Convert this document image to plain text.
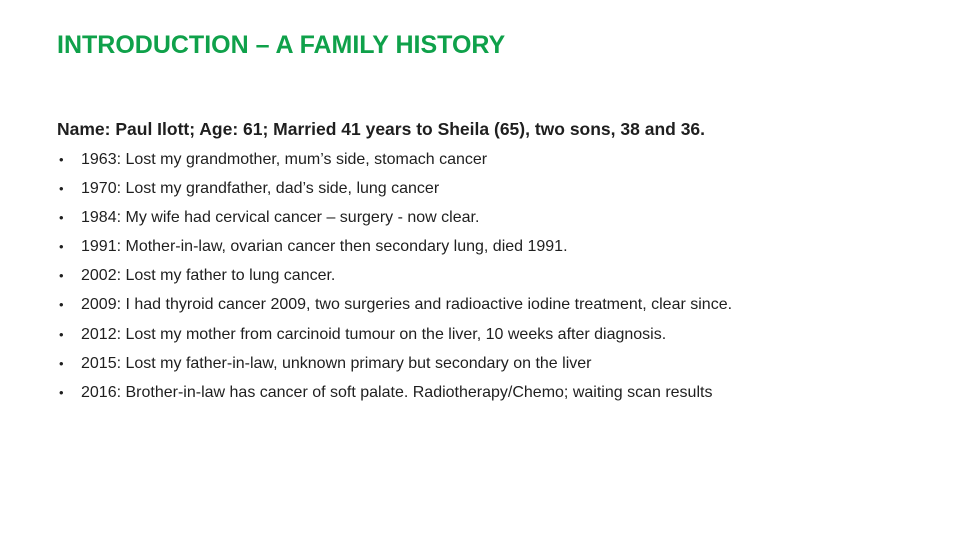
INTRODUCTION – A FAMILY HISTORY

Name: Paul Ilott; Age: 61; Married 41 years to Sheila (65), two sons, 38 and 36.

•	1963: Lost my grandmother, mum’s side, stomach cancer
•	1970: Lost my grandfather, dad’s side, lung cancer
•	1984: My wife had cervical cancer – surgery - now clear.
•	1991: Mother-in-law, ovarian cancer then secondary lung, died 1991.
•	2002: Lost my father to lung cancer.
•	2009: I had thyroid cancer 2009, two surgeries and radioactive iodine treatment, clear since.
•	2012: Lost my mother from carcinoid tumour on the liver, 10 weeks after diagnosis.
•	2015: Lost my father-in-law, unknown primary but secondary on the liver
•	2016: Brother-in-law has cancer of soft palate. Radiotherapy/Chemo; waiting scan results
